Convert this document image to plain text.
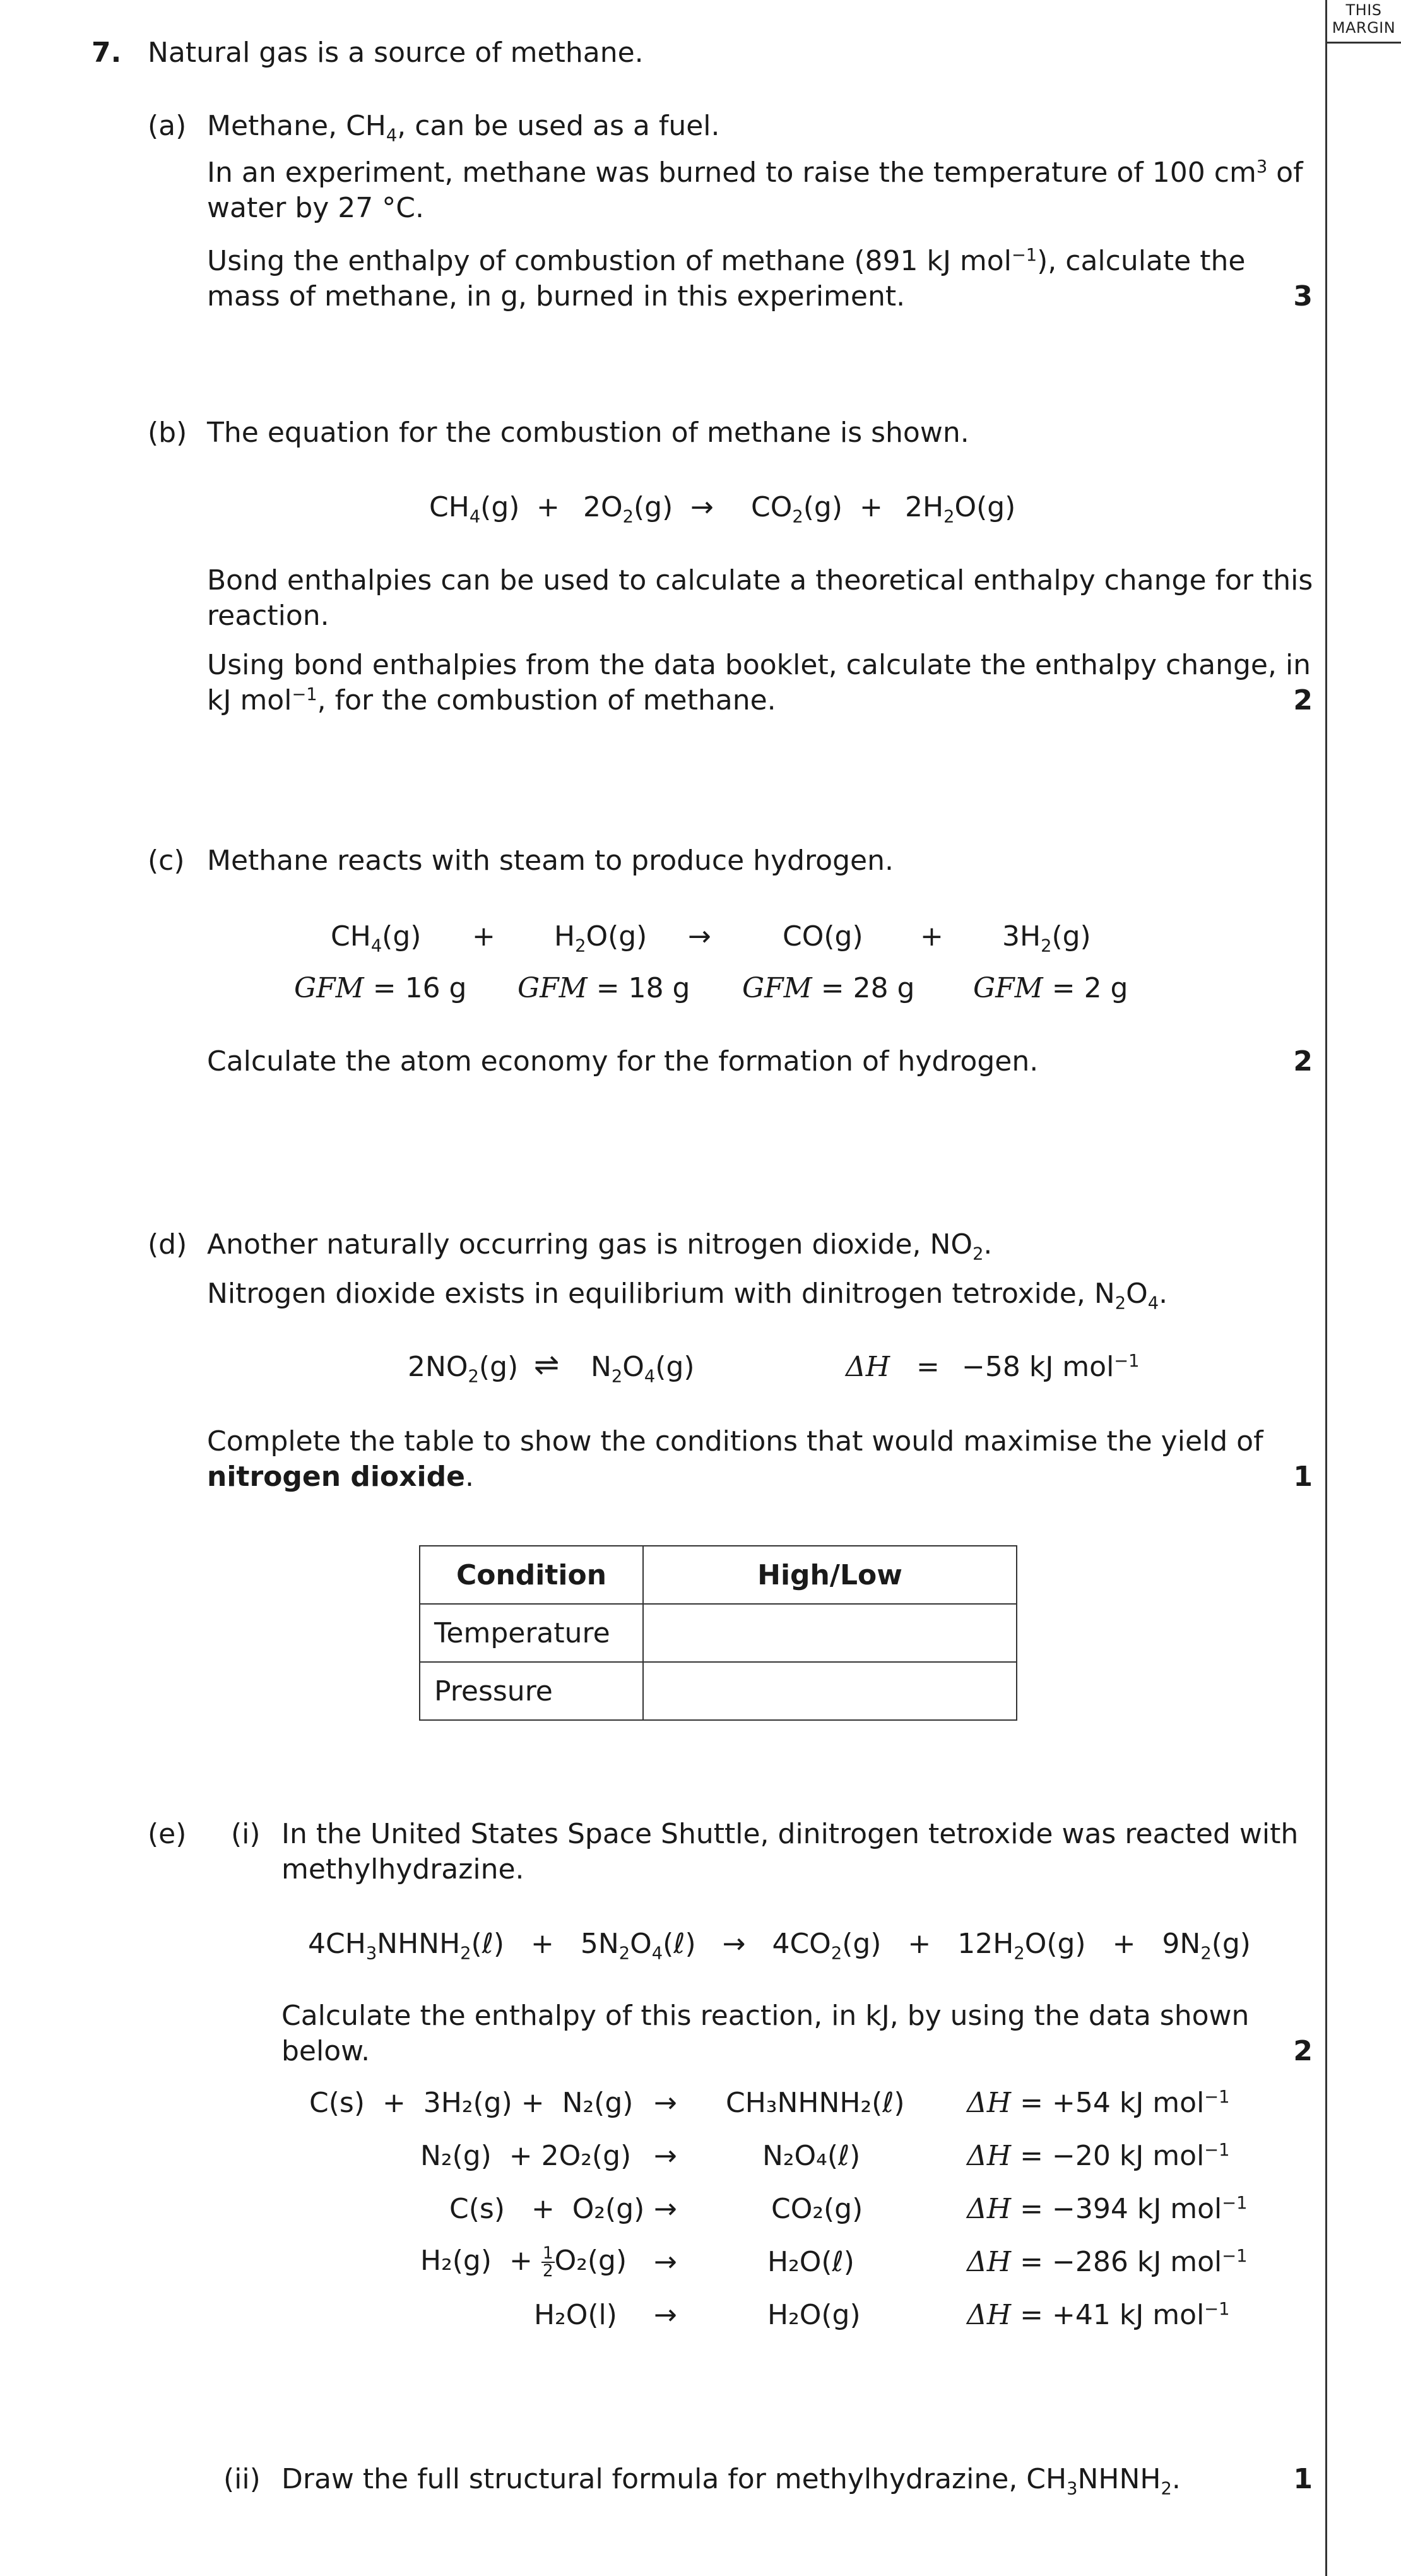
THIS
MARGIN
7. Natural gas is a source of methane.
(a) Methane, $CH_4$, can be used as a fuel.
In an experiment, methane was burned to raise the temperature of 100 $cm^3$ of
water by 27 °C.
Using the enthalpy of combustion of methane (891 kJ mol$^{-1}$), calculate the
mass of methane, in g, burned in this experiment.	3
(b) The equation for the combustion of methane is shown.
$CH_4(g) + 2O_2(g) \to CO_2(g) + 2H_2O(g)$
Bond enthalpies can be used to calculate a theoretical enthalpy change for this
reaction.
Using bond enthalpies from the data booklet, calculate the enthalpy change, in
kJ mol$^{-1}$, for the combustion of methane.	2
(c) Methane reacts with steam to produce hydrogen.
$CH_4(g) + H_2O(g)$ →	$CO(g) + 3H_2(g)$
GFM = 16 g GFM = 18 g GFM = 28 g GFM = 2 g
Calculate the atom economy for the formation of hydrogen.	2
(d) Another naturally occurring gas is nitrogen dioxide, $NO_2$.
Nitrogen dioxide exists in equilibrium with dinitrogen tetroxide, $N_2O_4$.
$2NO_2(g)$ ⇌ $N_2O_4(g)$	ΔH = −58 kJ mol$^{-1}$
Complete the table to show the conditions that would maximise the yield of
nitrogen dioxide.	1
Condition	High/Low
Temperature	
Pressure	
(e) (i) In the United States Space Shuttle, dinitrogen tetroxide was reacted with
methylhydrazine.
$4CH_3NHNH_2(\ell)$ + $5N_2O_4(\ell) \to 4CO_2(g) + 12H_2O(g) + 9N_2(g)$
Calculate the enthalpy of this reaction, in kJ, by using the data shown
below.	2
C(s)  +  3H₂(g) +  N₂(g) → CH₃NHNH₂(ℓ) ΔH = +54 kJ mol$^{-1}$
N₂(g)  + 2O₂(g) →	N₂O₄(ℓ)	ΔH = −20 kJ mol$^{-1}$
C(s)   +  O₂(g) →	CO₂(g)	ΔH = −394 kJ mol$^{-1}$
$H_2(g) + \frac{1}{2} O_2(g)$ →	H₂O(ℓ)	ΔH = −286 kJ mol$^{-1}$
H₂O(l) →	H₂O(g)	ΔH = +41 kJ mol$^{-1}$
(ii) Draw the full structural formula for methylhydrazine, $CH_3NHNH_2$.	1
